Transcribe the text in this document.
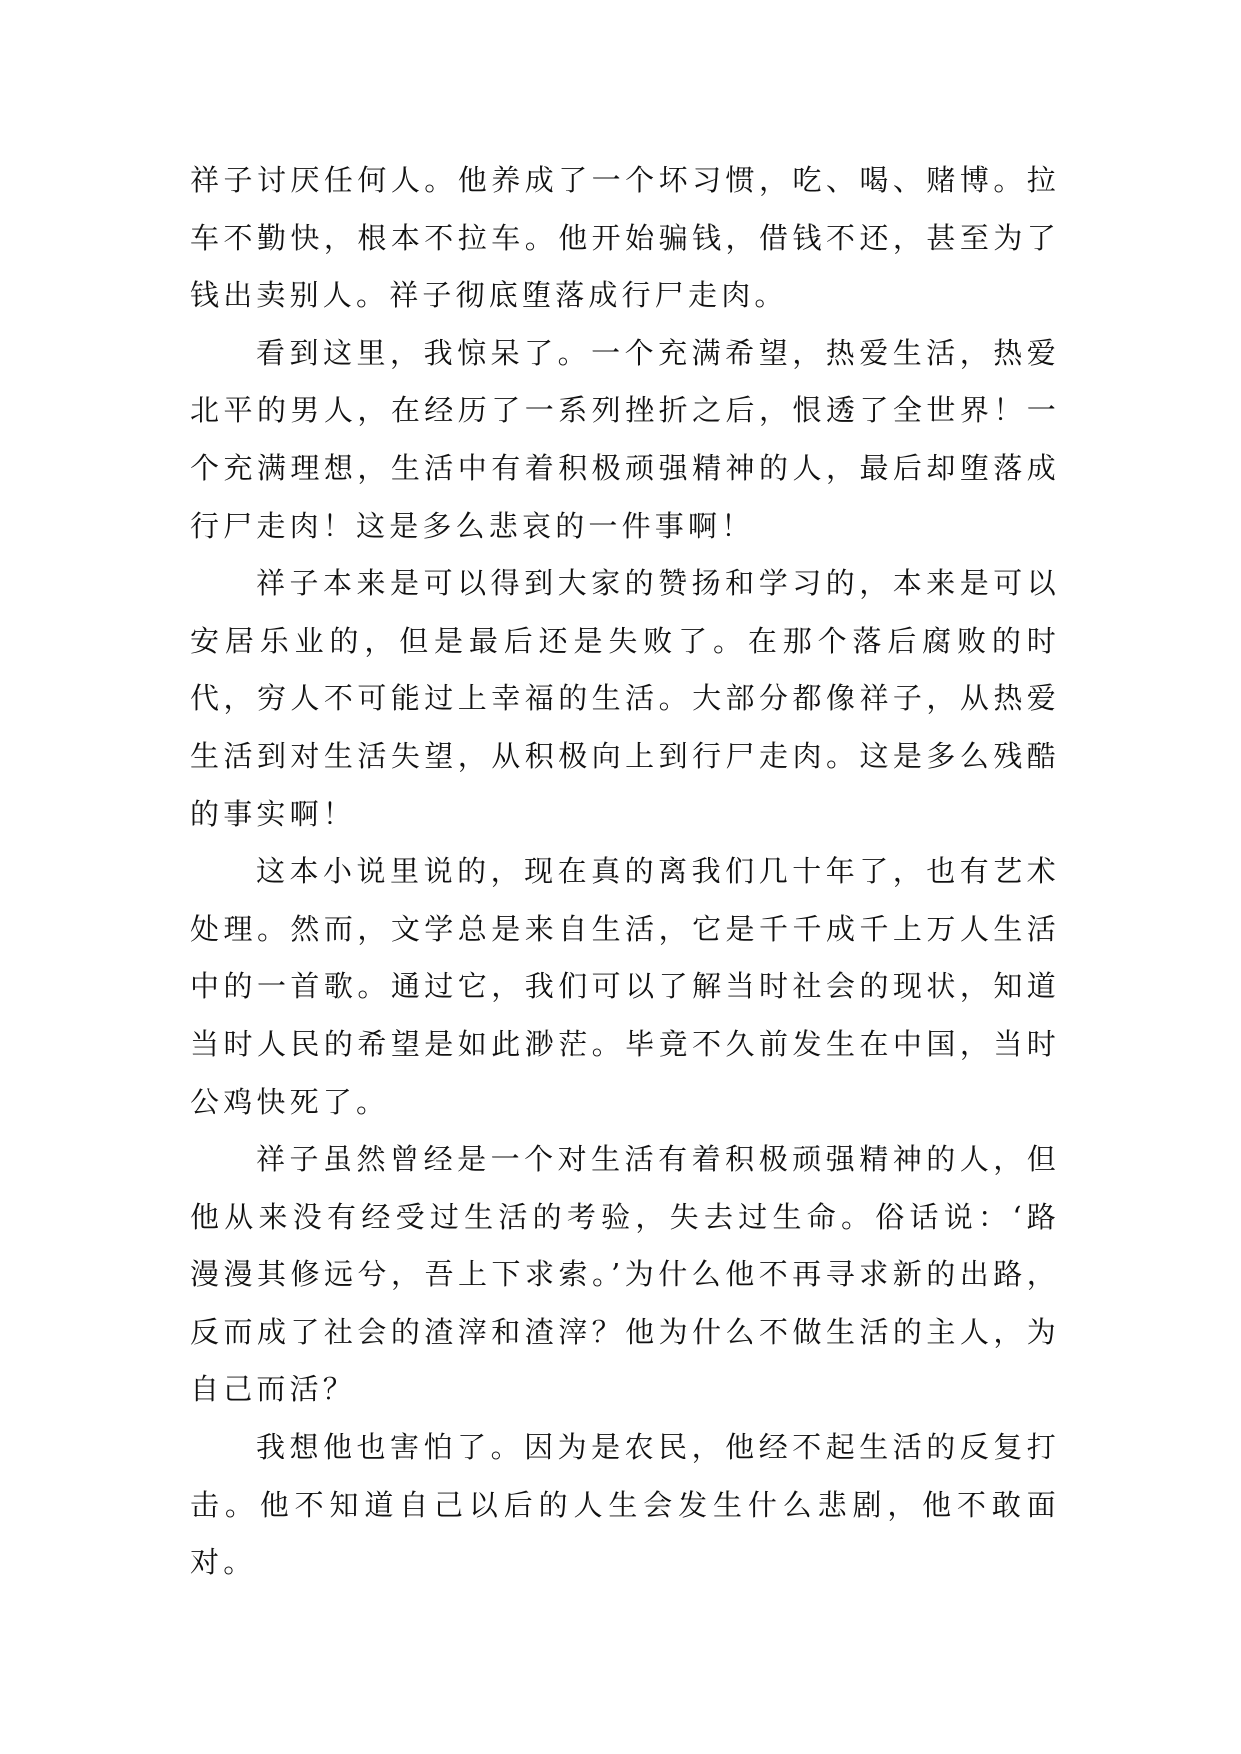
祥子讨厌任何人。他养成了一个坏习惯，吃、喝、赌博。拉车不勤快，根本不拉车。他开始骗钱，借钱不还，甚至为了钱出卖别人。祥子彻底堕落成行尸走肉。

看到这里，我惊呆了。一个充满希望，热爱生活，热爱北平的男人，在经历了一系列挫折之后，恨透了全世界！一个充满理想，生活中有着积极顽强精神的人，最后却堕落成行尸走肉！这是多么悲哀的一件事啊！

祥子本来是可以得到大家的赞扬和学习的，本来是可以安居乐业的，但是最后还是失败了。在那个落后腐败的时代，穷人不可能过上幸福的生活。大部分都像祥子，从热爱生活到对生活失望，从积极向上到行尸走肉。这是多么残酷的事实啊！

这本小说里说的，现在真的离我们几十年了，也有艺术处理。然而，文学总是来自生活，它是千千成千上万人生活中的一首歌。通过它，我们可以了解当时社会的现状，知道当时人民的希望是如此渺茫。毕竟不久前发生在中国，当时公鸡快死了。

祥子虽然曾经是一个对生活有着积极顽强精神的人，但他从来没有经受过生活的考验，失去过生命。俗话说：‘路漫漫其修远兮，吾上下求索。’为什么他不再寻求新的出路，反而成了社会的渣滓和渣滓？他为什么不做生活的主人，为自己而活？

我想他也害怕了。因为是农民，他经不起生活的反复打击。他不知道自己以后的人生会发生什么悲剧，他不敢面对。
